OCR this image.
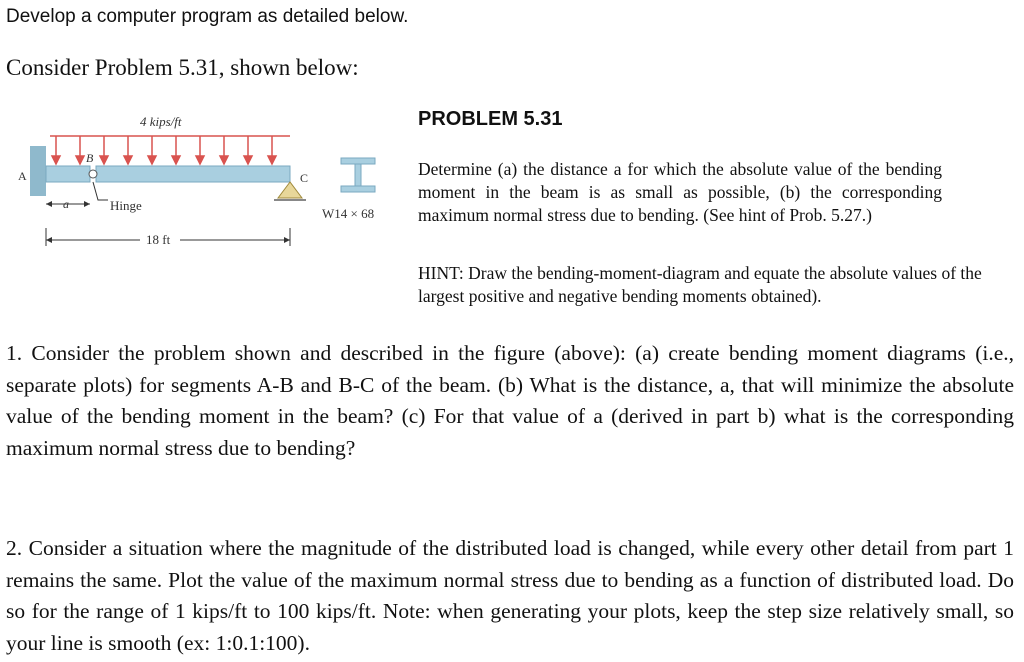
Develop a computer program as detailed below.
Consider Problem 5.31, shown below:
4 kips/ft
A
B
C
a	Hinge
18 ft
W14 × 68
PROBLEM 5.31
Determine (a) the distance a for which the absolute value of the bending moment in the beam is as small as possible, (b) the corresponding maximum normal stress due to bending. (See hint of Prob. 5.27.)
HINT: Draw the bending-moment-diagram and equate the absolute values of the largest positive and negative bending moments obtained).
1. Consider the problem shown and described in the figure (above): (a) create bending moment diagrams (i.e., separate plots) for segments A-B and B-C of the beam. (b) What is the distance, a, that will minimize the absolute value of the bending moment in the beam? (c) For that value of a (derived in part b) what is the corresponding maximum normal stress due to bending?
2. Consider a situation where the magnitude of the distributed load is changed, while every other detail from part 1 remains the same. Plot the value of the maximum normal stress due to bending as a function of distributed load. Do so for the range of 1 kips/ft to 100 kips/ft. Note: when generating your plots, keep the step size relatively small, so your line is smooth (ex: 1:0.1:100).
